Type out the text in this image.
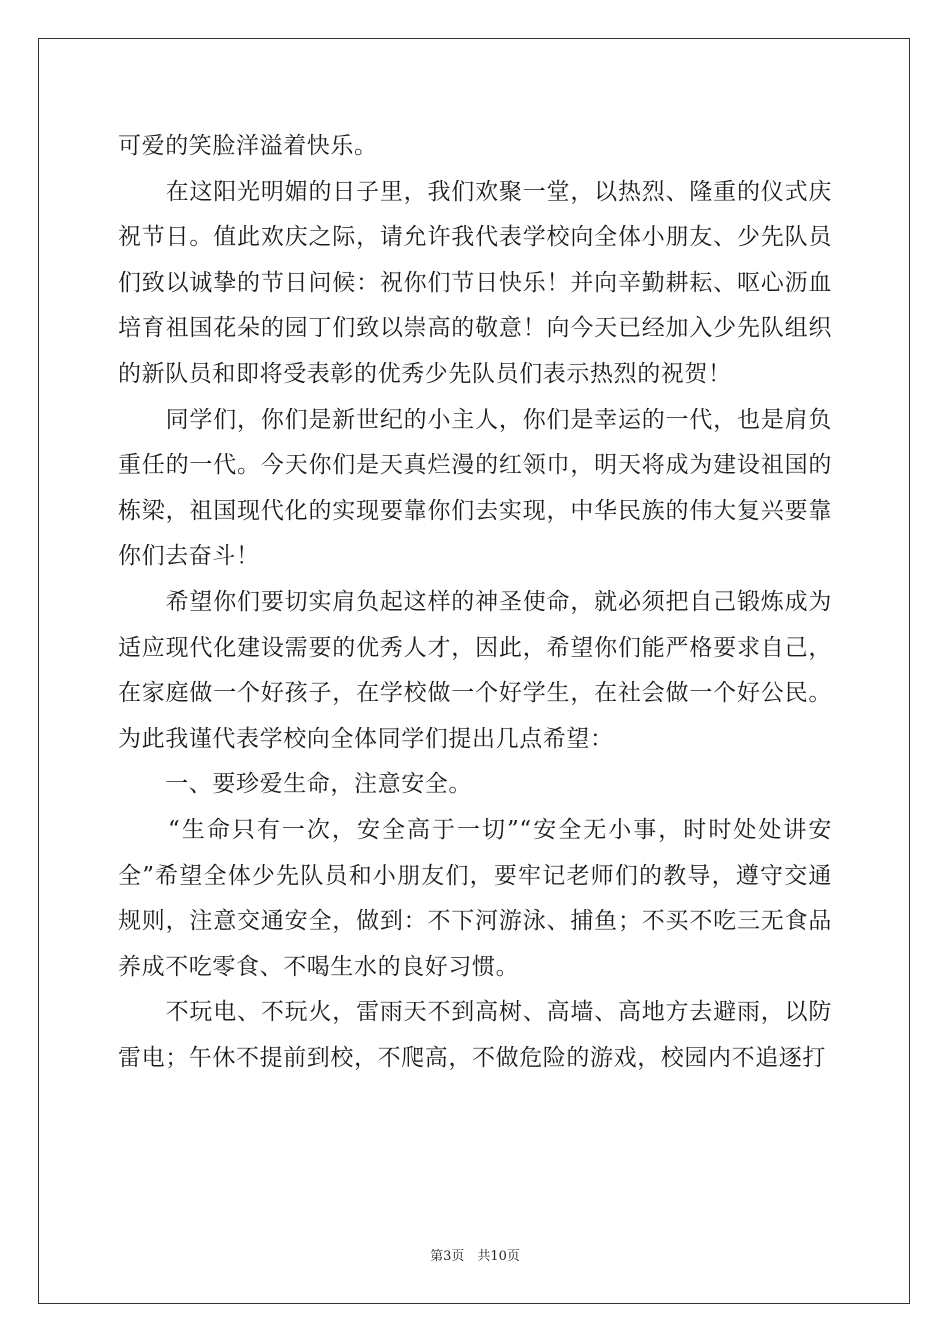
可爱的笑脸洋溢着快乐。

　　在这阳光明媚的日子里，我们欢聚一堂，以热烈、隆重的仪式庆祝节日。值此欢庆之际，请允许我代表学校向全体小朋友、少先队员们致以诚挚的节日问候：祝你们节日快乐！并向辛勤耕耘、呕心沥血培育祖国花朵的园丁们致以崇高的敬意！向今天已经加入少先队组织的新队员和即将受表彰的优秀少先队员们表示热烈的祝贺！

　　同学们，你们是新世纪的小主人，你们是幸运的一代，也是肩负重任的一代。今天你们是天真烂漫的红领巾，明天将成为建设祖国的栋梁，祖国现代化的实现要靠你们去实现，中华民族的伟大复兴要靠你们去奋斗！

　　希望你们要切实肩负起这样的神圣使命，就必须把自己锻炼成为适应现代化建设需要的优秀人才，因此，希望你们能严格要求自己，在家庭做一个好孩子，在学校做一个好学生，在社会做一个好公民。为此我谨代表学校向全体同学们提出几点希望：

　　一、要珍爱生命，注意安全。

　　“生命只有一次，安全高于一切”“安全无小事，时时处处讲安全”希望全体少先队员和小朋友们，要牢记老师们的教导，遵守交通规则，注意交通安全，做到：不下河游泳、捕鱼；不买不吃三无食品养成不吃零食、不喝生水的良好习惯。

　　不玩电、不玩火，雷雨天不到高树、高墙、高地方去避雨，以防雷电；午休不提前到校，不爬高，不做危险的游戏，校园内不追逐打

第3页　共10页
